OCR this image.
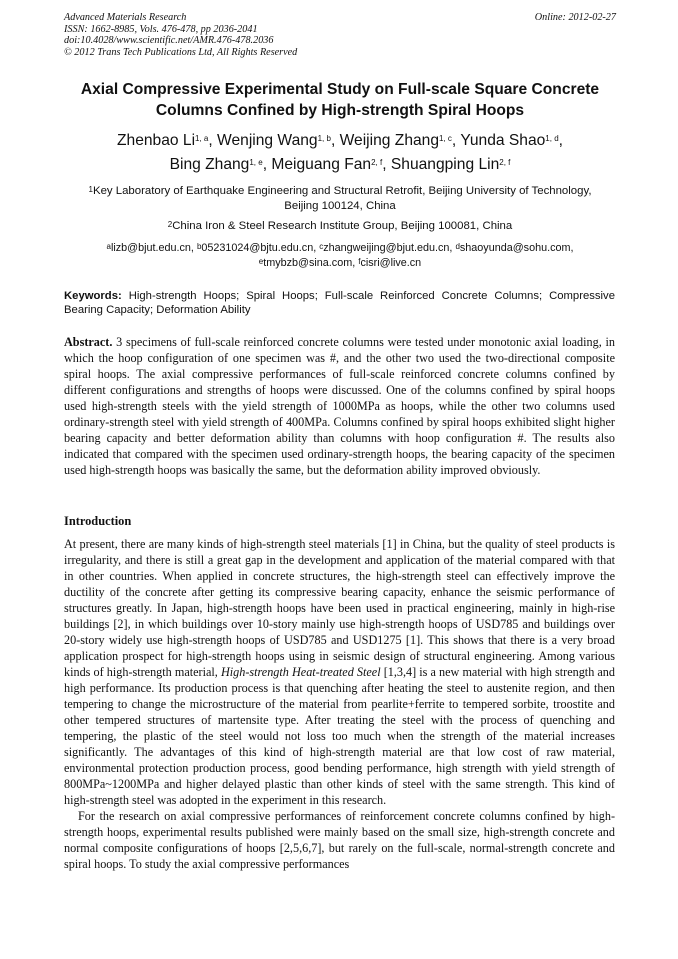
Advanced Materials Research
ISSN: 1662-8985, Vols. 476-478, pp 2036-2041
doi:10.4028/www.scientific.net/AMR.476-478.2036
© 2012 Trans Tech Publications Ltd, All Rights Reserved
Online: 2012-02-27
Axial Compressive Experimental Study on Full-scale Square Concrete
Columns Confined by High-strength Spiral Hoops
Zhenbao Li$^{1, a}$, Wenjing Wang$^{1, b}$, Weijing Zhang$^{1, c}$, Yunda Shao$^{1, d}$,
Bing Zhang$^{1, e}$, Meiguang Fan$^{2, f}$, Shuangping Lin$^{2, f}$
$^1$Key Laboratory of Earthquake Engineering and Structural Retrofit, Beijing University of Technology,
Beijing 100124, China
$^2$China Iron & Steel Research Institute Group, Beijing 100081, China
$^a$lizb@bjut.edu.cn, $^b$05231024@bjtu.edu.cn, $^c$zhangweijing@bjut.edu.cn, $^d$shaoyunda@sohu.com,
$^e$tmybzb@sina.com, $^f$cisri@live.cn
Keywords: High-strength Hoops; Spiral Hoops; Full-scale Reinforced Concrete Columns; Compressive Bearing Capacity; Deformation Ability
Abstract. 3 specimens of full-scale reinforced concrete columns were tested under monotonic axial loading, in which the hoop configuration of one specimen was #, and the other two used the two-directional composite spiral hoops. The axial compressive performances of full-scale reinforced concrete columns confined by different configurations and strengths of hoops were discussed. One of the columns confined by spiral hoops used high-strength steels with the yield strength of 1000MPa as hoops, while the other two columns used ordinary-strength steel with yield strength of 400MPa. Columns confined by spiral hoops exhibited slight higher bearing capacity and better deformation ability than columns with hoop configuration #. The results also indicated that compared with the specimen used ordinary-strength hoops, the bearing capacity of the specimen used high-strength hoops was basically the same, but the deformation ability improved obviously.
Introduction

At present, there are many kinds of high-strength steel materials [1] in China, but the quality of steel products is irregularity, and there is still a great gap in the development and application of the material compared with that in other countries. When applied in concrete structures, the high-strength steel can effectively improve the ductility of the concrete after getting its compressive bearing capacity, enhance the seismic performance of structures greatly. In Japan, high-strength hoops have been used in practical engineering, mainly in high-rise buildings [2], in which buildings over 10-story mainly use high-strength hoops of USD785 and buildings over 20-story widely use high-strength hoops of USD785 and USD1275 [1]. This shows that there is a very broad application prospect for high-strength hoops using in seismic design of structural engineering. Among various kinds of high-strength material, High-strength Heat-treated Steel [1,3,4] is a new material with high strength and high performance. Its production process is that quenching after heating the steel to austenite region, and then tempering to change the microstructure of the material from pearlite+ferrite to tempered sorbite, troostite and other tempered structures of martensite type. After treating the steel with the process of quenching and tempering, the plastic of the steel would not loss too much when the strength of the material increases significantly. The advantages of this kind of high-strength material are that low cost of raw material, environmental protection production process, good bending performance, high strength with yield strength of 800MPa~1200MPa and higher delayed plastic than other kinds of steel with the same strength. This kind of high-strength steel was adopted in the experiment in this research.

For the research on axial compressive performances of reinforcement concrete columns confined by high-strength hoops, experimental results published were mainly based on the small size, high-strength concrete and normal composite configurations of hoops [2,5,6,7], but rarely on the full-scale, normal-strength concrete and spiral hoops. To study the axial compressive performances
